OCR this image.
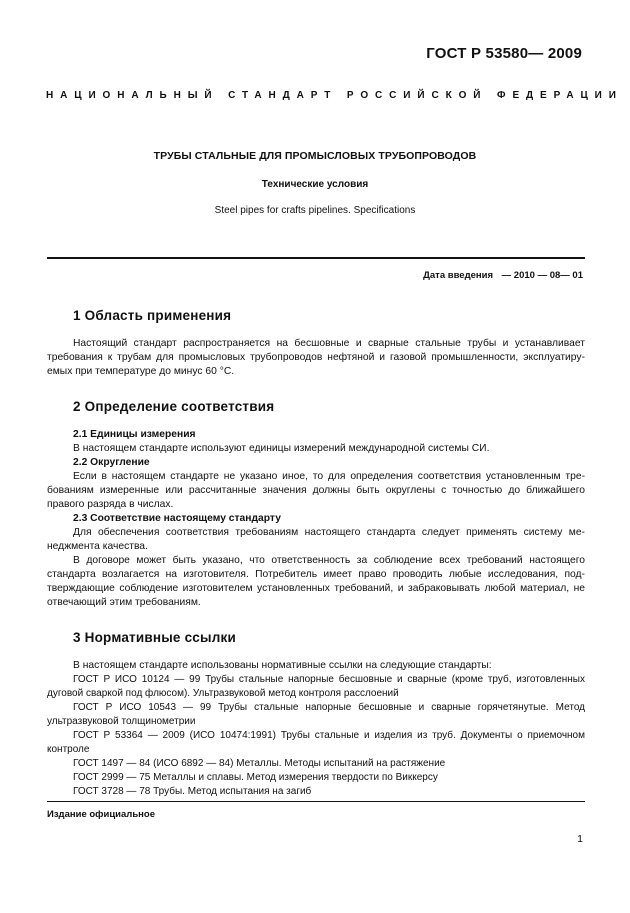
ГОСТ Р 53580— 2009
НАЦИОНАЛЬНЫЙ СТАНДАРТ РОССИЙСКОЙ ФЕДЕРАЦИИ
ТРУБЫ СТАЛЬНЫЕ ДЛЯ ПРОМЫСЛОВЫХ ТРУБОПРОВОДОВ
Технические условия
Steel pipes for crafts pipelines. Specifications
Дата введения — 2010 — 08— 01
1 Область применения

Настоящий стандарт распространяется на бесшовные и сварные стальные трубы и устанавливает требования к трубам для промысловых трубопроводов нефтяной и газовой промышленности, эксплуатиру-емых при температуре до минус 60 °С.

2 Определение соответствия

2.1 Единицы измерения

В настоящем стандарте используют единицы измерений международной системы СИ.

2.2 Округление

Если в настоящем стандарте не указано иное, то для определения соответствия установленным тре-бованиям измеренные или рассчитанные значения должны быть округлены с точностью до ближайшего правого разряда в числах.

2.3 Соответствие настоящему стандарту

Для обеспечения соответствия требованиям настоящего стандарта следует применять систему ме-неджмента качества.

В договоре может быть указано, что ответственность за соблюдение всех требований настоящего стандарта возлагается на изготовителя. Потребитель имеет право проводить любые исследования, под-тверждающие соблюдение изготовителем установленных требований, и забраковывать любой материал, не отвечающий этим требованиям.

3 Нормативные ссылки

В настоящем стандарте использованы нормативные ссылки на следующие стандарты:

ГОСТ Р ИСО 10124 — 99 Трубы стальные напорные бесшовные и сварные (кроме труб, изготовленных дуговой сваркой под флюсом). Ультразвуковой метод контроля расслоений

ГОСТ Р ИСО 10543 — 99 Трубы стальные напорные бесшовные и сварные горячетянутые. Метод ультразвуковой толщинометрии

ГОСТ Р 53364 — 2009 (ИСО 10474:1991) Трубы стальные и изделия из труб. Документы о приемочном контроле

ГОСТ 1497 — 84 (ИСО 6892 — 84) Металлы. Методы испытаний на растяжение

ГОСТ 2999 — 75 Металлы и сплавы. Метод измерения твердости по Виккерсу

ГОСТ 3728 — 78 Трубы. Метод испытания на загиб

Издание официальное
1
